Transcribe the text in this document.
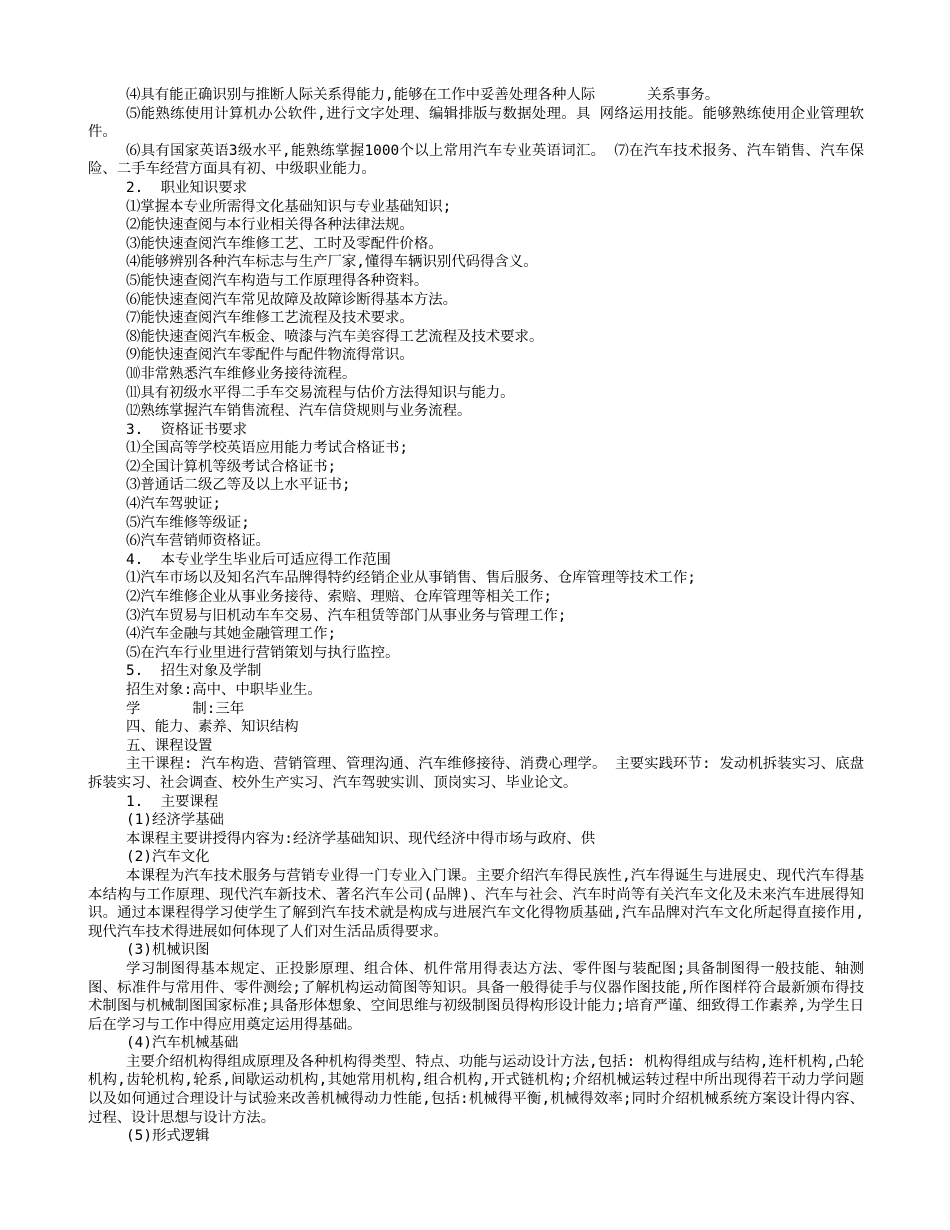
⑷具有能正确识别与推断人际关系得能力,能够在工作中妥善处理各种人际      关系事务。
⑸能熟练使用计算机办公软件,进行文字处理、编辑排版与数据处理。具 网络运用技能。能够熟练使用企业管理软件。
⑹具有国家英语3级水平,能熟练掌握1000个以上常用汽车专业英语词汇。 ⑺在汽车技术报务、汽车销售、汽车保险、二手车经营方面具有初、中级职业能力。
2.  职业知识要求
⑴掌握本专业所需得文化基础知识与专业基础知识;
⑵能快速查阅与本行业相关得各种法律法规。
⑶能快速查阅汽车维修工艺、工时及零配件价格。
⑷能够辨别各种汽车标志与生产厂家,懂得车辆识别代码得含义。
⑸能快速查阅汽车构造与工作原理得各种资料。
⑹能快速查阅汽车常见故障及故障诊断得基本方法。
⑺能快速查阅汽车维修工艺流程及技术要求。
⑻能快速查阅汽车板金、喷漆与汽车美容得工艺流程及技术要求。
⑼能快速查阅汽车零配件与配件物流得常识。
⑽非常熟悉汽车维修业务接待流程。
⑾具有初级水平得二手车交易流程与估价方法得知识与能力。
⑿熟练掌握汽车销售流程、汽车信贷规则与业务流程。
3.  资格证书要求
⑴全国高等学校英语应用能力考试合格证书;
⑵全国计算机等级考试合格证书;
⑶普通话二级乙等及以上水平证书;
⑷汽车驾驶证;
⑸汽车维修等级证;
⑹汽车营销师资格证。
4.  本专业学生毕业后可适应得工作范围
⑴汽车市场以及知名汽车品牌得特约经销企业从事销售、售后服务、仓库管理等技术工作;
⑵汽车维修企业从事业务接待、索赔、理赔、仓库管理等相关工作;
⑶汽车贸易与旧机动车车交易、汽车租赁等部门从事业务与管理工作;
⑷汽车金融与其她金融管理工作;
⑸在汽车行业里进行营销策划与执行监控。
5.  招生对象及学制
招生对象:高中、中职毕业生。
学      制:三年
四、能力、素养、知识结构
五、课程设置
主干课程: 汽车构造、营销管理、管理沟通、汽车维修接待、消费心理学。 主要实践环节: 发动机拆装实习、底盘拆装实习、社会调查、校外生产实习、汽车驾驶实训、顶岗实习、毕业论文。
1.  主要课程
(1)经济学基础
本课程主要讲授得内容为:经济学基础知识、现代经济中得市场与政府、供
(2)汽车文化
本课程为汽车技术服务与营销专业得一门专业入门课。主要介绍汽车得民族性,汽车得诞生与进展史、现代汽车得基本结构与工作原理、现代汽车新技术、著名汽车公司(品牌)、汽车与社会、汽车时尚等有关汽车文化及未来汽车进展得知识。通过本课程得学习使学生了解到汽车技术就是构成与进展汽车文化得物质基础,汽车品牌对汽车文化所起得直接作用,现代汽车技术得进展如何体现了人们对生活品质得要求。
(3)机械识图
学习制图得基本规定、正投影原理、组合体、机件常用得表达方法、零件图与装配图;具备制图得一般技能、轴测图、标准件与常用件、零件测绘;了解机构运动简图等知识。具备一般得徒手与仪器作图技能,所作图样符合最新颁布得技术制图与机械制图国家标准;具备形体想象、空间思维与初级制图员得构形设计能力;培育严谨、细致得工作素养,为学生日后在学习与工作中得应用奠定运用得基础。
(4)汽车机械基础
主要介绍机构得组成原理及各种机构得类型、特点、功能与运动设计方法,包括: 机构得组成与结构,连杆机构,凸轮机构,齿轮机构,轮系,间歇运动机构,其她常用机构,组合机构,开式链机构;介绍机械运转过程中所出现得若干动力学问题以及如何通过合理设计与试验来改善机械得动力性能,包括:机械得平衡,机械得效率;同时介绍机械系统方案设计得内容、过程、设计思想与设计方法。
(5)形式逻辑
